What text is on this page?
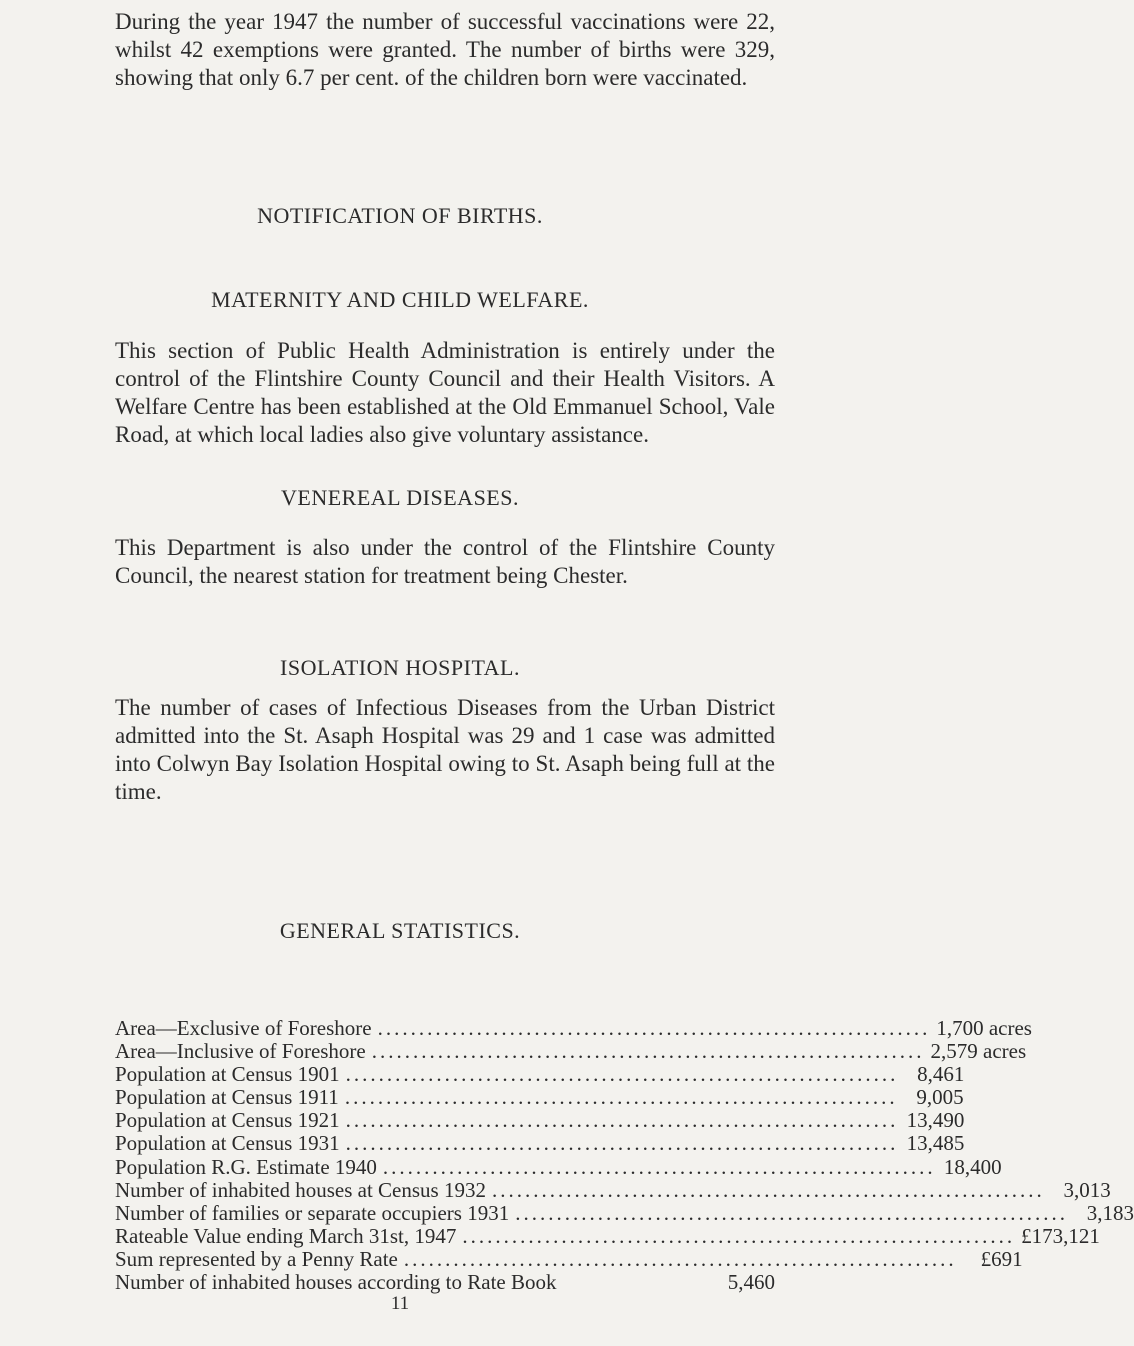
During the year 1947 the number of successful vaccinations were 22, whilst 42 exemptions were granted. The number of births were 329, showing that only 6.7 per cent. of the children born were vaccinated.

NOTIFICATION OF BIRTHS.
MATERNITY AND CHILD WELFARE.

This section of Public Health Administration is entirely under the control of the Flintshire County Council and their Health Visitors. A Welfare Centre has been established at the Old Emmanuel School, Vale Road, at which local ladies also give voluntary assistance.

VENEREAL DISEASES.

This Department is also under the control of the Flintshire County Council, the nearest station for treatment being Chester.

ISOLATION HOSPITAL.

The number of cases of Infectious Diseases from the Urban District admitted into the St. Asaph Hospital was 29 and 1 case was admitted into Colwyn Bay Isolation Hospital owing to St. Asaph being full at the time.

GENERAL STATISTICS.
Area—Exclusive of Foreshore ................................................................... 1,700 acres
Area—Inclusive of Foreshore ................................................................... 2,579 acres
Population at Census 1901 ................................................................... 8,461
Population at Census 1911 ................................................................... 9,005
Population at Census 1921 ................................................................... 13,490
Population at Census 1931 ................................................................... 13,485
Population R.G. Estimate 1940 ................................................................... 18,400
Number of inhabited houses at Census 1932 ................................................................... 3,013
Number of families or separate occupiers 1931 ................................................................... 3,183
Rateable Value ending March 31st, 1947 ................................................................... £173,121
Sum represented by a Penny Rate ...................................................................	£691
Number of inhabited houses according to Rate Book	5,460
11
